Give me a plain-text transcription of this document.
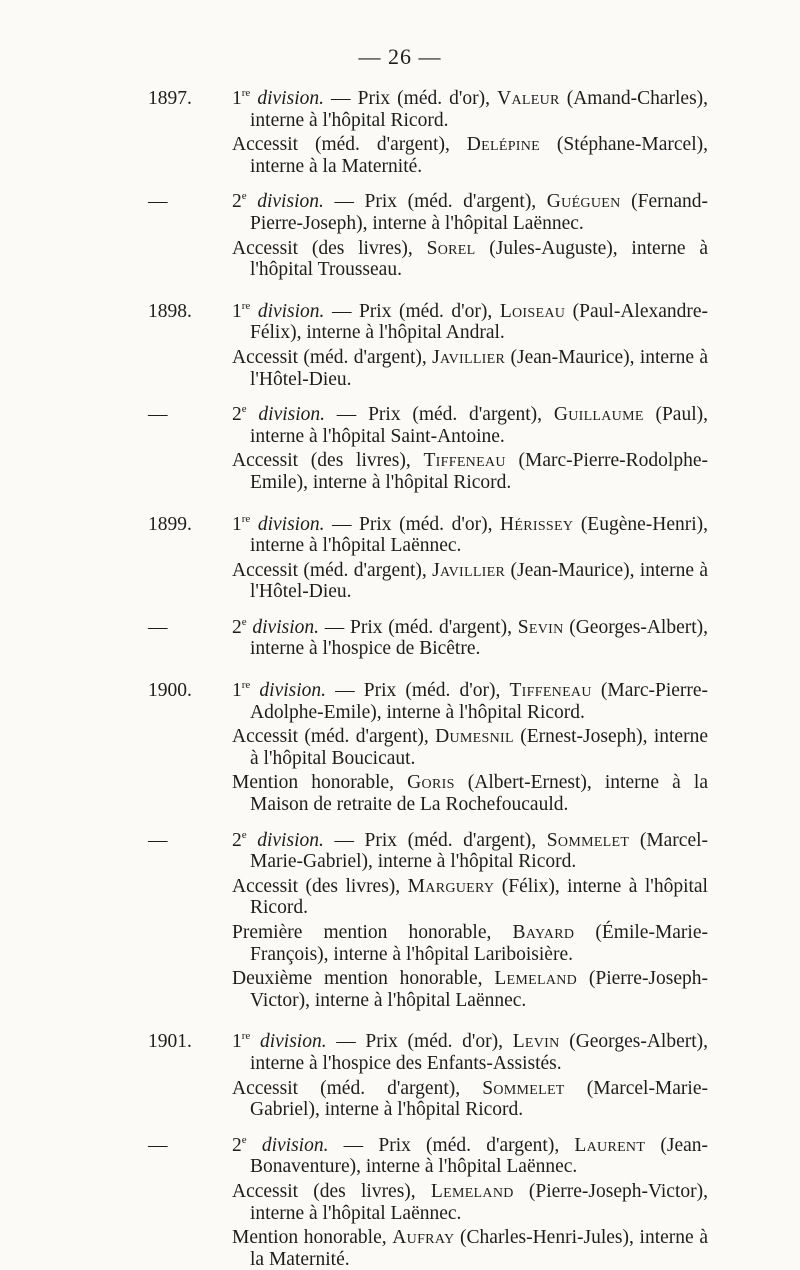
— 26 —
1897.	1re division. — Prix (méd. d'or), Valeur (Amand-Charles), interne à l'hôpital Ricord.
Accessit (méd. d'argent), Delépine (Stéphane-Marcel), interne à la Maternité.
—	2e division. — Prix (méd. d'argent), Guéguen (Fernand-Pierre-Joseph), interne à l'hôpital Laënnec.
Accessit (des livres), Sorel (Jules-Auguste), interne à l'hôpital Trousseau.
1898.	1re division. — Prix (méd. d'or), Loiseau (Paul-Alexandre-Félix), interne à l'hôpital Andral.
Accessit (méd. d'argent), Javillier (Jean-Maurice), interne à l'Hôtel-Dieu.
—	2e division. — Prix (méd. d'argent), Guillaume (Paul), interne à l'hôpital Saint-Antoine.
Accessit (des livres), Tiffeneau (Marc-Pierre-Rodolphe-Emile), interne à l'hôpital Ricord.
1899.	1re division. — Prix (méd. d'or), Hérissey (Eugène-Henri), interne à l'hôpital Laënnec.
Accessit (méd. d'argent), Javillier (Jean-Maurice), interne à l'Hôtel-Dieu.
—	2e division. — Prix (méd. d'argent), Sevin (Georges-Albert), interne à l'hospice de Bicêtre.
1900.	1re division. — Prix (méd. d'or), Tiffeneau (Marc-Pierre-Adolphe-Emile), interne à l'hôpital Ricord.
Accessit (méd. d'argent), Dumesnil (Ernest-Joseph), interne à l'hôpital Boucicaut.
Mention honorable, Goris (Albert-Ernest), interne à la Maison de retraite de La Rochefoucauld.
—	2e division. — Prix (méd. d'argent), Sommelet (Marcel-Marie-Gabriel), interne à l'hôpital Ricord.
Accessit (des livres), Marguery (Félix), interne à l'hôpital Ricord.
Première mention honorable, Bayard (Émile-Marie-François), interne à l'hôpital Lariboisière.
Deuxième mention honorable, Lemeland (Pierre-Joseph-Victor), interne à l'hôpital Laënnec.
1901.	1re division. — Prix (méd. d'or), Levin (Georges-Albert), interne à l'hospice des Enfants-Assistés.
Accessit (méd. d'argent), Sommelet (Marcel-Marie-Gabriel), interne à l'hôpital Ricord.
—	2e division. — Prix (méd. d'argent), Laurent (Jean-Bonaventure), interne à l'hôpital Laënnec.
Accessit (des livres), Lemeland (Pierre-Joseph-Victor), interne à l'hôpital Laënnec.
Mention honorable, Aufray (Charles-Henri-Jules), interne à la Maternité.
